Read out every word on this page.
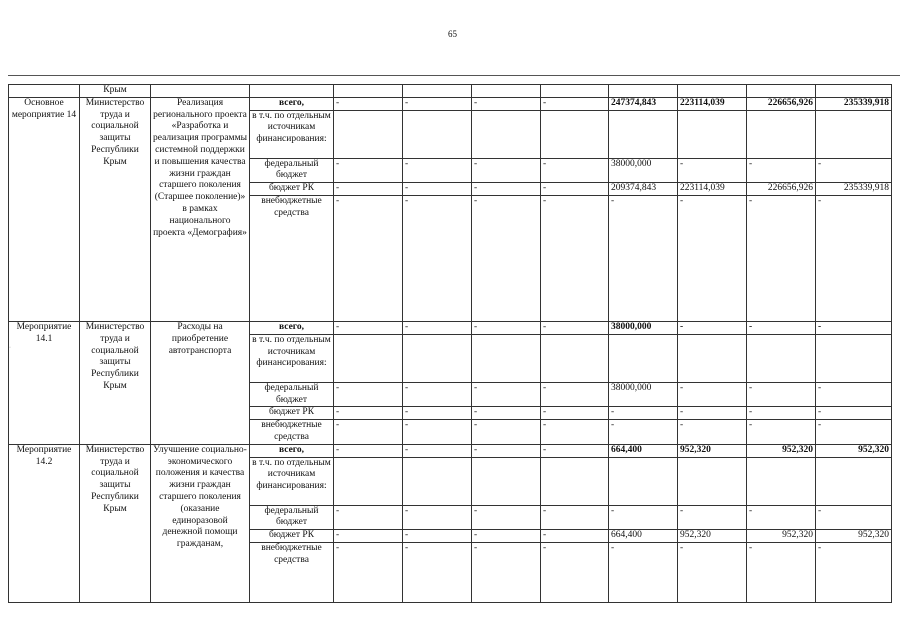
65
·
	Крым										
Основное мероприятие 14	Министерство труда и социальной защиты Республики Крым	Реализация регионального проекта «Разработка и реализация программы системной поддержки и повышения качества жизни граждан старшего поколения (Старшее поколение)» в рамках национального проекта «Демография»	всего,	-	-	-	-	247374,843	223114,039	226656,926	235339,918
			в т.ч. по отдельным источникам финансирования:								
			федеральный бюджет	-	-	-	-	38000,000	-	-	-
			бюджет РК	-	-	-	-	209374,843	223114,039	226656,926	235339,918
			внебюджетные средства	-	-	-	-	-	-	-	-
Мероприятие 14.1	Министерство труда и социальной защиты Республики Крым	Расходы на приобретение автотранспорта	всего,	-	-	-	-	38000,000	-	-	-
			в т.ч. по отдельным источникам финансирования:								
			федеральный бюджет	-	-	-	-	38000,000	-	-	-
			бюджет РК	-	-	-	-	-	-	-	-
			внебюджетные средства	-	-	-	-	-	-	-	-
Мероприятие 14.2	Министерство труда и социальной защиты Республики Крым	Улучшение социально-экономического положения и качества жизни граждан старшего поколения (оказание единоразовой денежной помощи гражданам,	всего,	-	-	-	-	664,400	952,320	952,320	952,320
			в т.ч. по отдельным источникам финансирования:								
			федеральный бюджет	-	-	-	-	-	-	-	-
			бюджет РК	-	-	-	-	664,400	952,320	952,320	952,320
			внебюджетные средства	-	-	-	-	-	-	-	-
